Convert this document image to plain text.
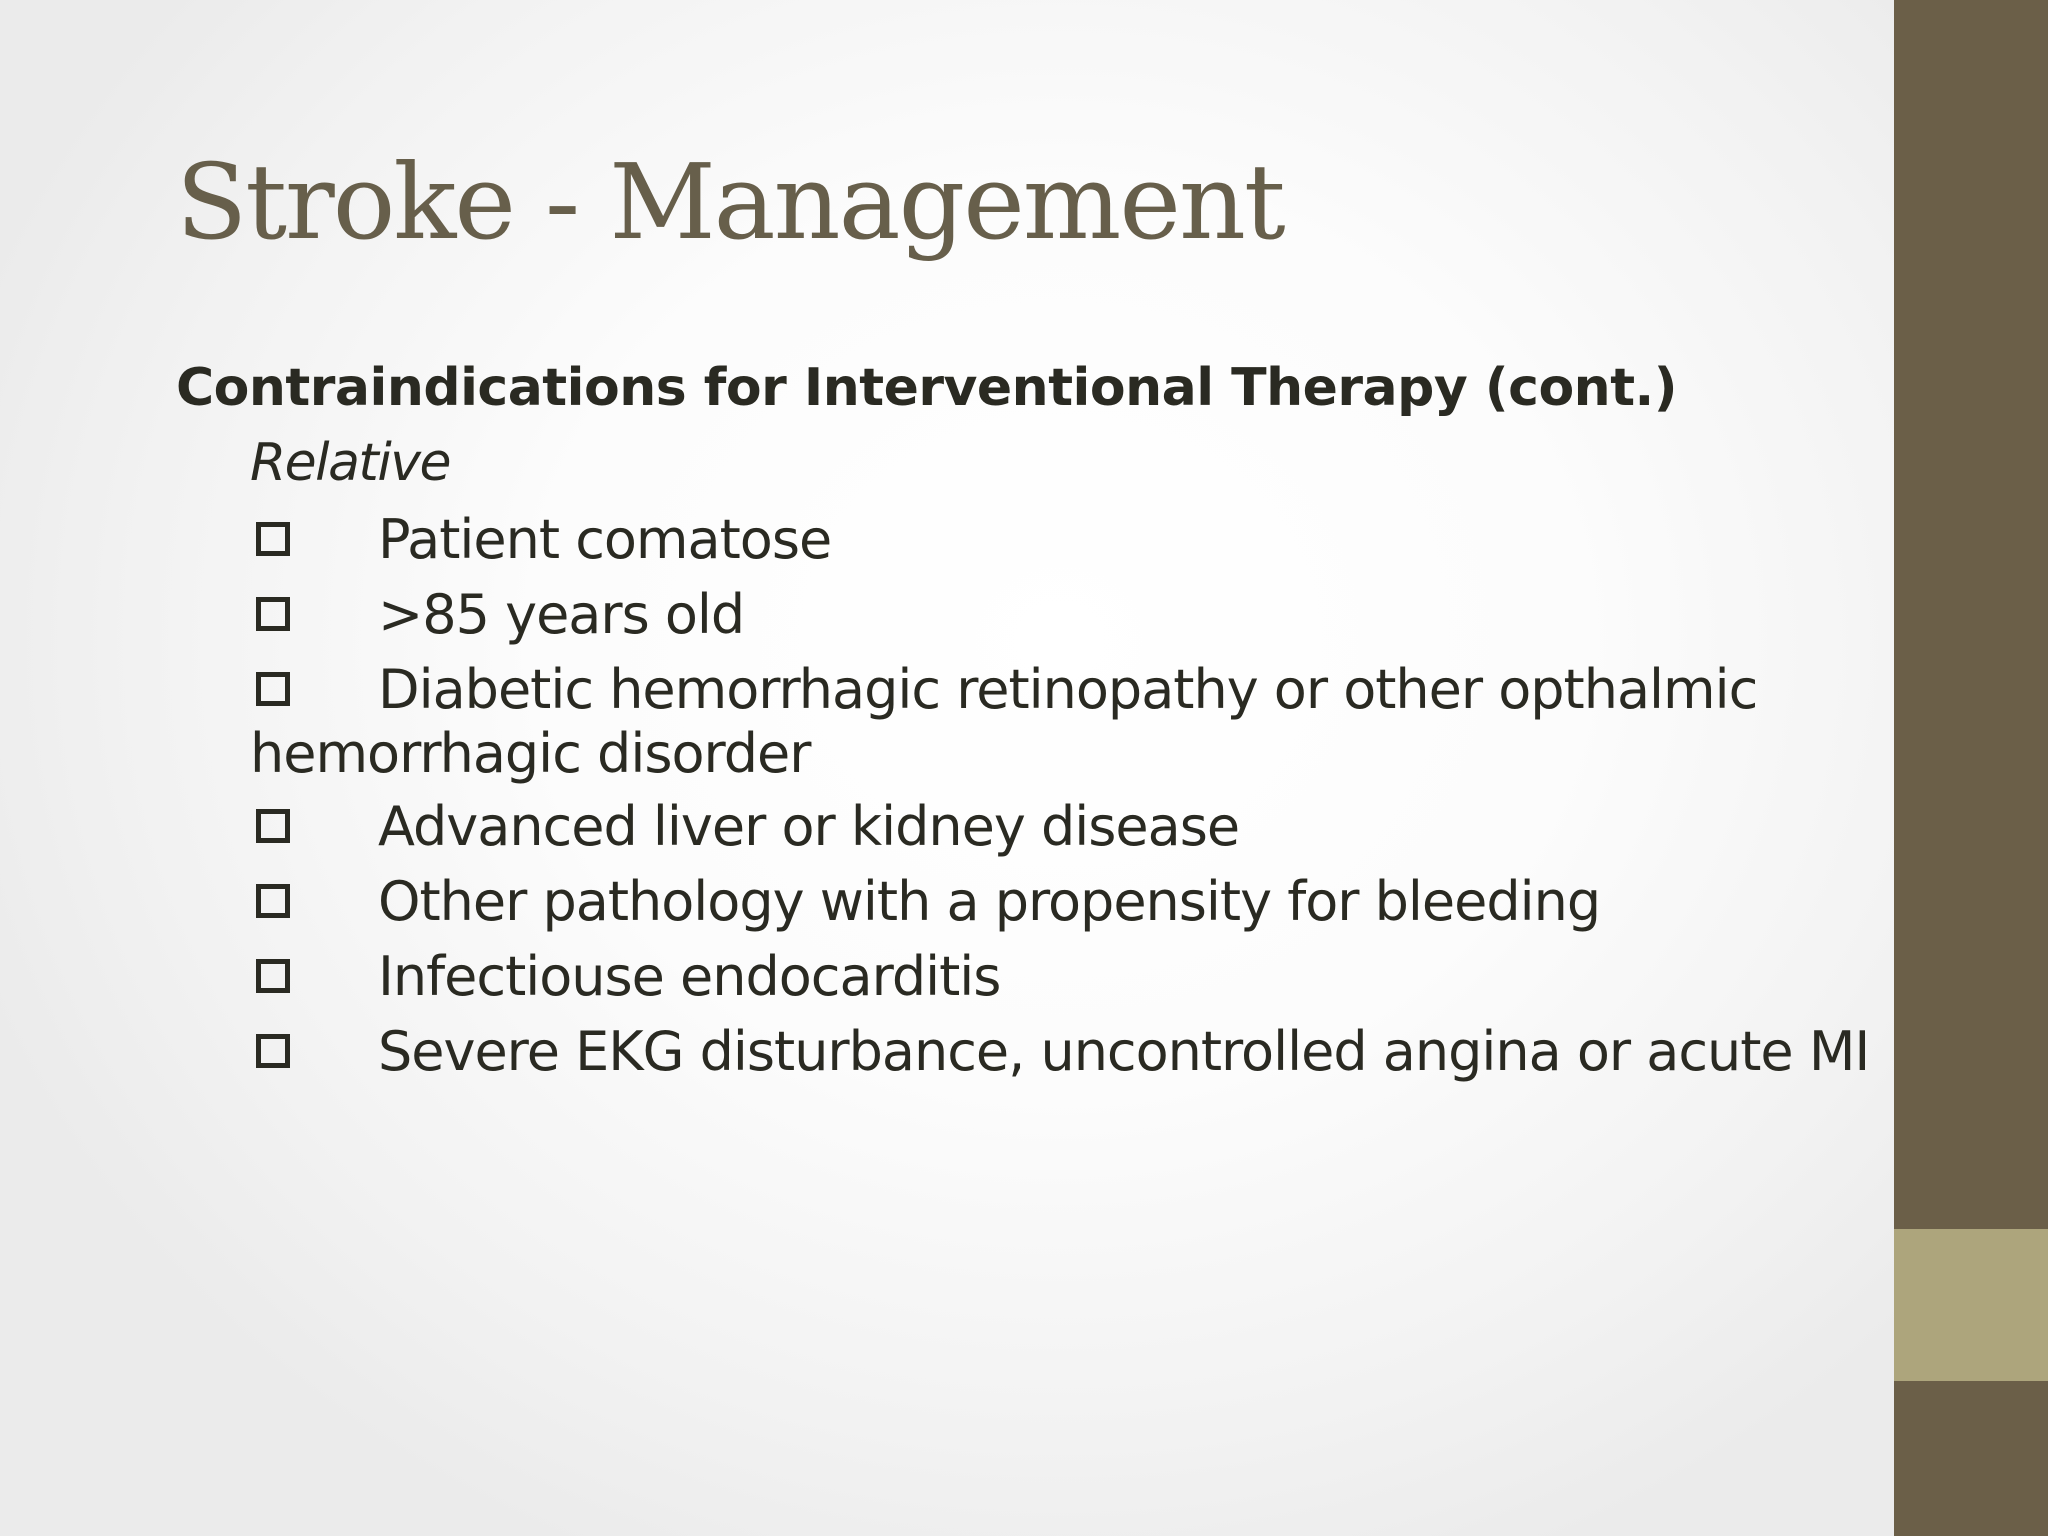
Stroke - Management
Contraindications for Interventional Therapy (cont.)
Relative
Patient comatose
>85 years old
Diabetic hemorrhagic retinopathy or other opthalmic hemorrhagic disorder
Advanced liver or kidney disease
Other pathology with a propensity for bleeding
Infectiouse endocarditis
Severe EKG disturbance, uncontrolled angina or acute MI
